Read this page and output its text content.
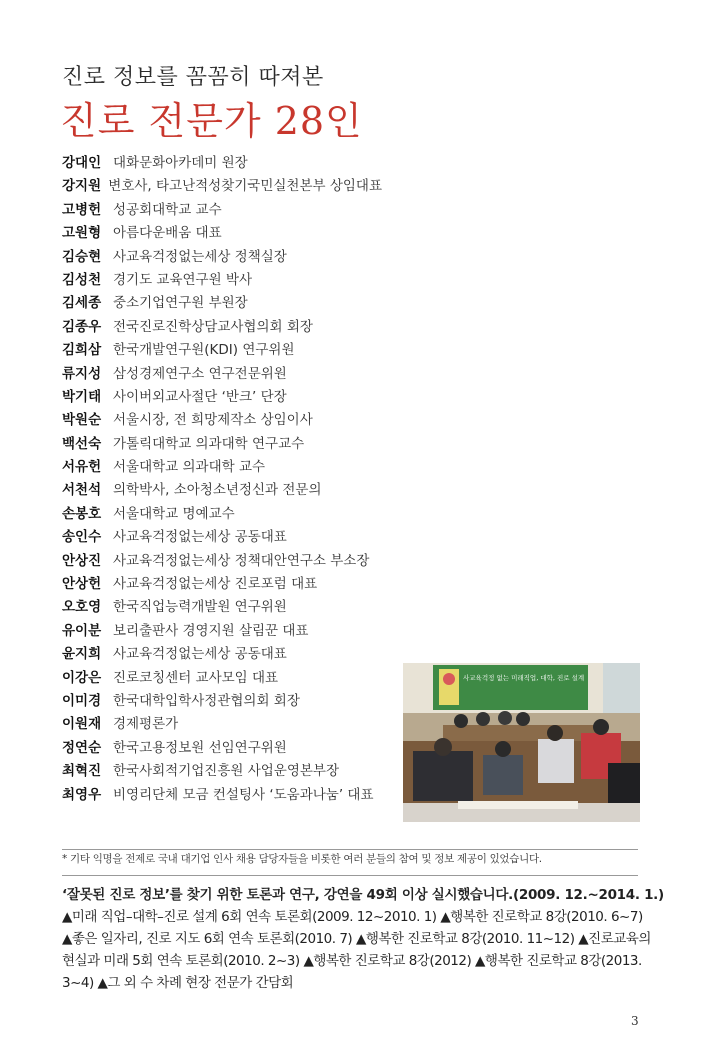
진로 정보를 꼼꼼히 따져본
진로 전문가 28인
강대인 대화문화아카데미 원장
강지원 변호사, 타고난적성찾기국민실천본부 상임대표
고병헌 성공회대학교 교수
고원형 아름다운배움 대표
김승현 사교육걱정없는세상 정책실장
김성천 경기도 교육연구원 박사
김세종 중소기업연구원 부원장
김종우 전국진로진학상담교사협의회 회장
김희삼 한국개발연구원(KDI) 연구위원
류지성 삼성경제연구소 연구전문위원
박기태 사이버외교사절단 ‘반크’ 단장
박원순 서울시장, 전 희망제작소 상임이사
백선숙 가톨릭대학교 의과대학 연구교수
서유헌 서울대학교 의과대학 교수
서천석 의학박사, 소아청소년정신과 전문의
손봉호 서울대학교 명예교수
송인수 사교육걱정없는세상 공동대표
안상진 사교육걱정없는세상 정책대안연구소 부소장
안상헌 사교육걱정없는세상 진로포럼 대표
오호영 한국직업능력개발원 연구위원
유이분 보리출판사 경영지원 살림꾼 대표
윤지희 사교육걱정없는세상 공동대표
이강은 진로코칭센터 교사모임 대표
이미경 한국대학입학사정관협의회 회장
이원재 경제평론가
정연순 한국고용정보원 선임연구위원
최혁진 한국사회적기업진흥원 사업운영본부장
최영우 비영리단체 모금 컨설팅사 ‘도움과나눔’ 대표
사교육걱정 없는 미래직업, 대학, 진로 설계
* 기타 익명을 전제로 국내 대기업 인사 채용 담당자들을 비롯한 여러 분들의 참여 및 정보 제공이 있었습니다.
‘잘못된 진로 정보’를 찾기 위한 토론과 연구, 강연을 49회 이상 실시했습니다.(2009. 12.~2014. 1.)
▲미래 직업–대학–진로 설계 6회 연속 토론회(2009. 12~2010. 1) ▲행복한 진로학교 8강(2010. 6~7)
▲좋은 일자리, 진로 지도 6회 연속 토론회(2010. 7) ▲행복한 진로학교 8강(2010. 11~12) ▲진로교육의
현실과 미래 5회 연속 토론회(2010. 2~3) ▲행복한 진로학교 8강(2012) ▲행복한 진로학교 8강(2013.
3~4) ▲그 외 수 차례 현장 전문가 간담회
3
